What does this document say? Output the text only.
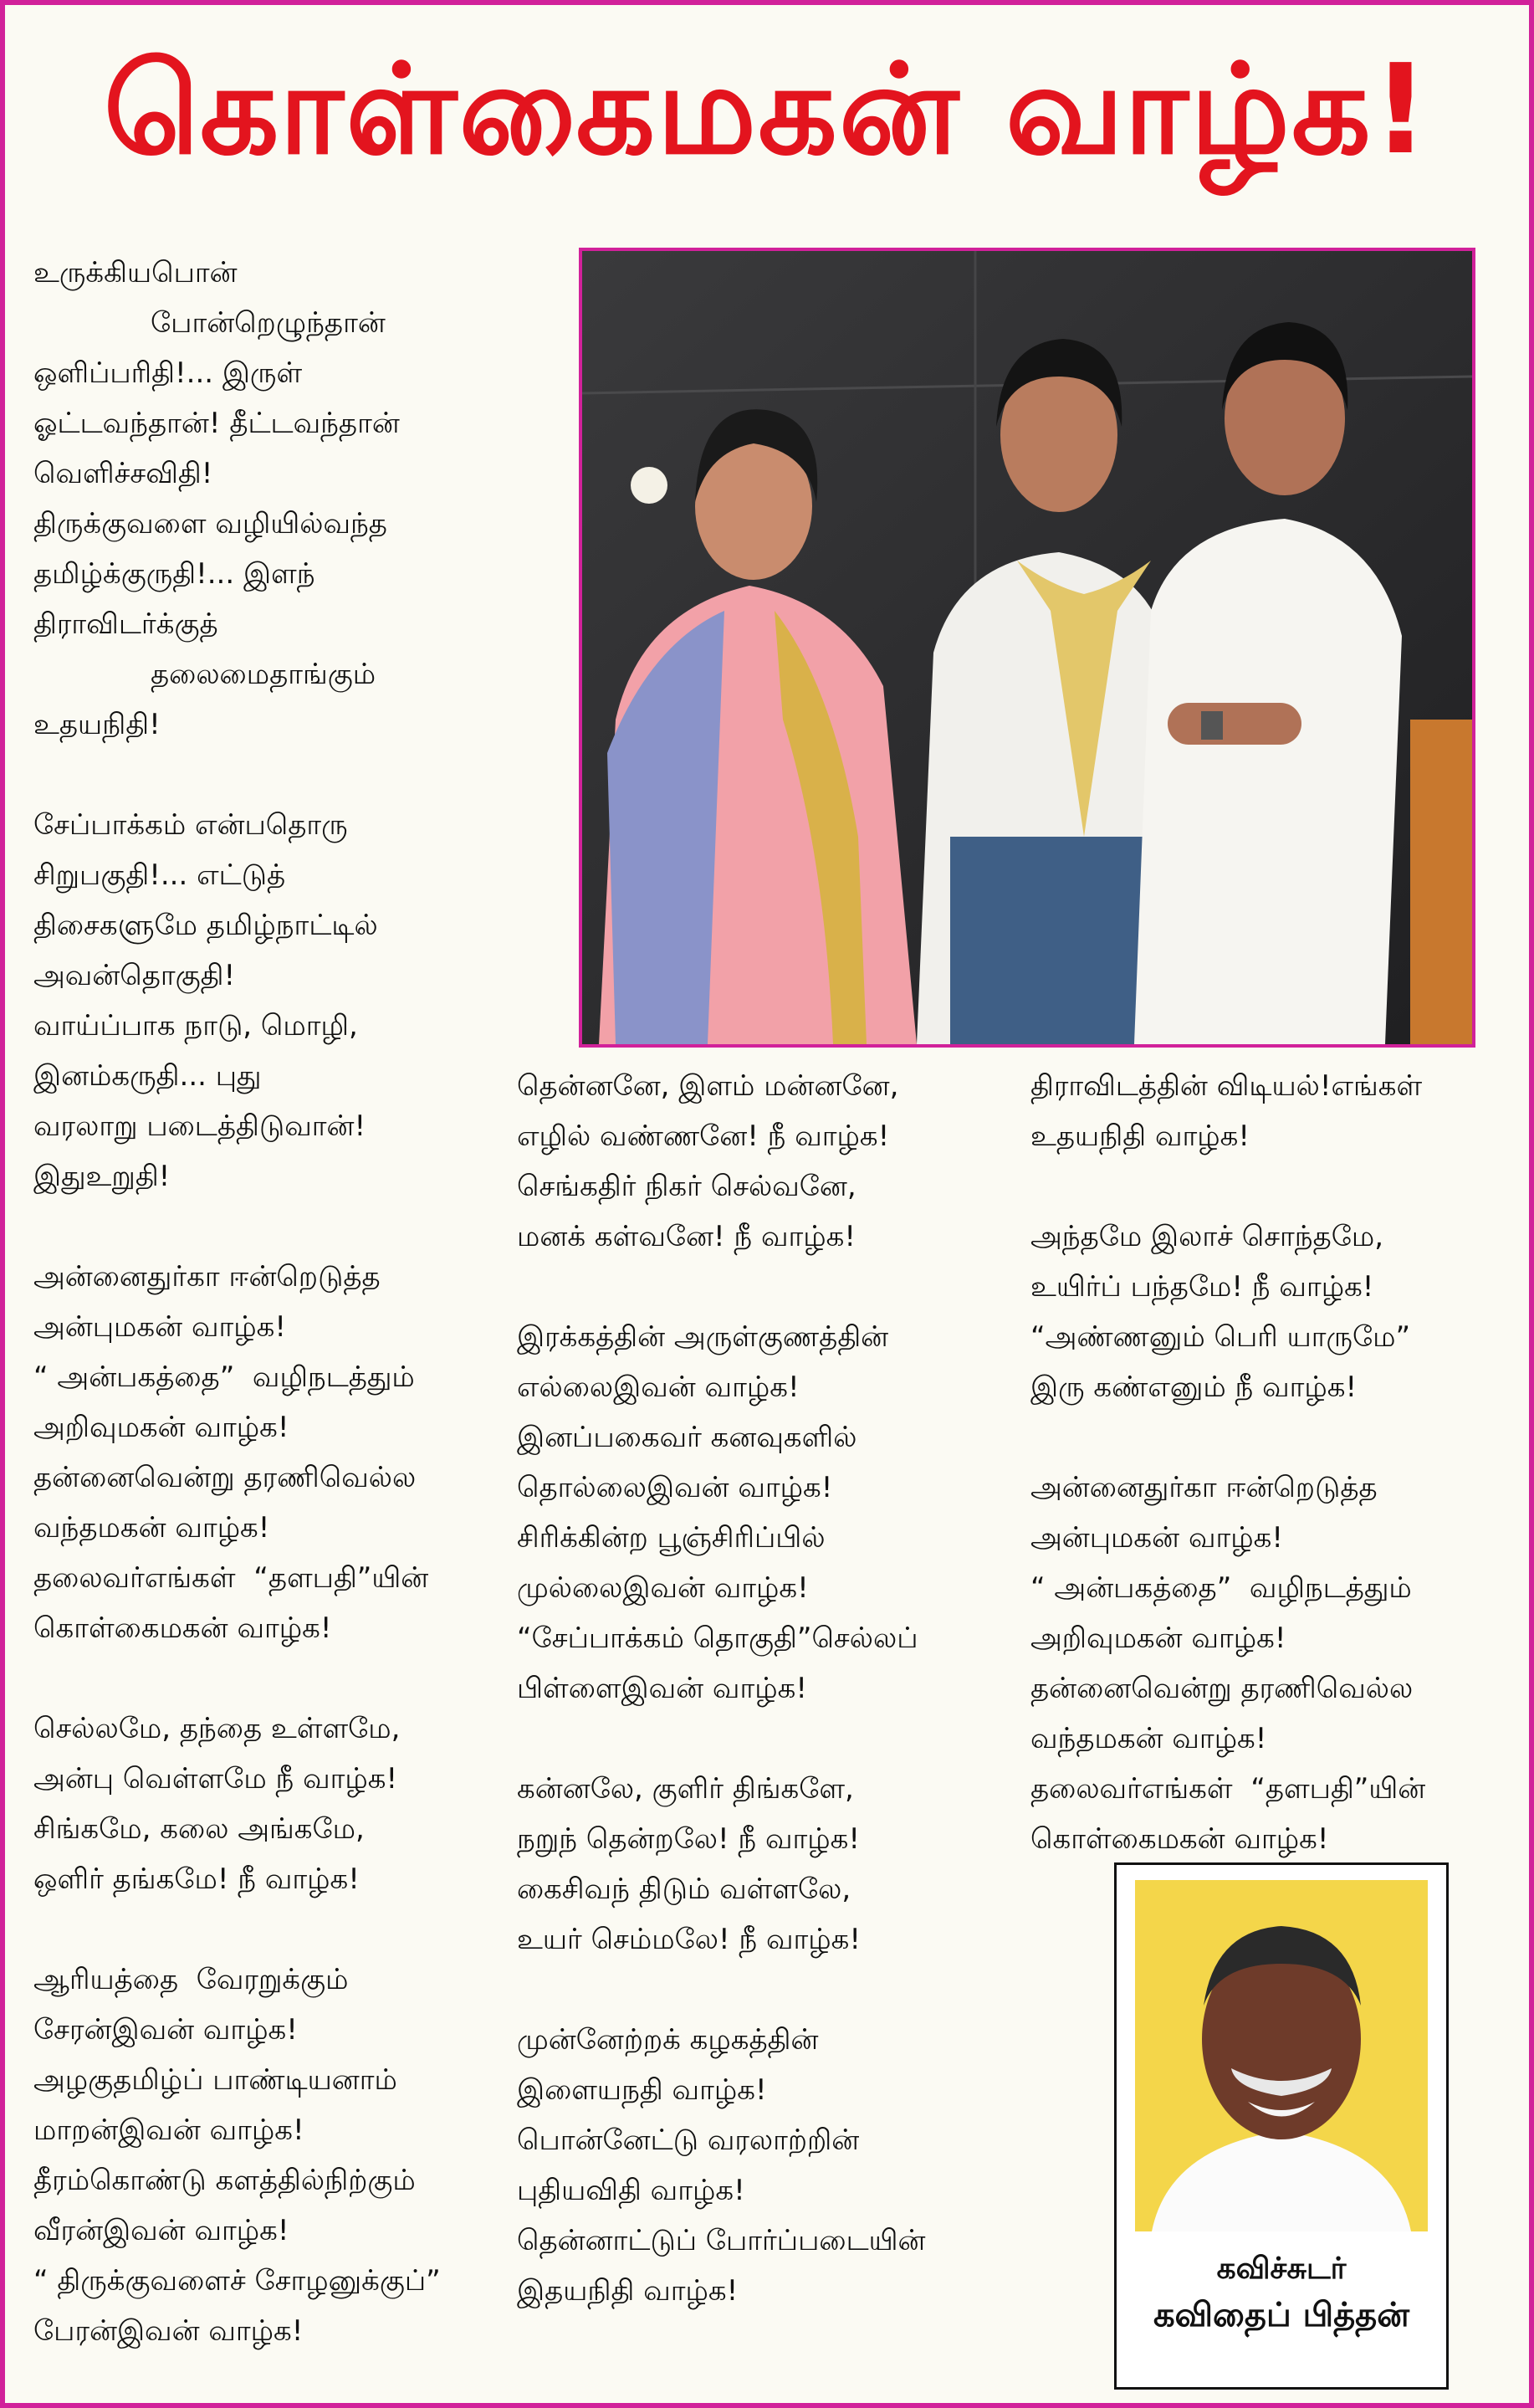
கொள்கைமகன் வாழ்க!
உருக்கியபொன்
போன்றெழுந்தான்
ஒளிப்பரிதி!... இருள்
ஓட்டவந்தான்! தீட்டவந்தான்
வெளிச்சவிதி!
திருக்குவளை வழியில்வந்த
தமிழ்க்குருதி!... இளந்
திராவிடர்க்குத்
தலைமைதாங்கும்
உதயநிதி!
சேப்பாக்கம் என்பதொரு
சிறுபகுதி!... எட்டுத்
திசைகளுமே தமிழ்நாட்டில்
அவன்தொகுதி!
வாய்ப்பாக நாடு, மொழி,
இனம்கருதி... புது
வரலாறு படைத்திடுவான்!
இதுஉறுதி!
அன்னைதுர்கா ஈன்றெடுத்த
அன்புமகன் வாழ்க!
“ அன்பகத்தை”  வழிநடத்தும்
அறிவுமகன் வாழ்க!
தன்னைவென்று தரணிவெல்ல
வந்தமகன் வாழ்க!
தலைவர்எங்கள்  “தளபதி”யின்
கொள்கைமகன் வாழ்க!
செல்லமே, தந்தை உள்ளமே,
அன்பு வெள்ளமே நீ வாழ்க!
சிங்கமே, கலை அங்கமே,
ஒளிர் தங்கமே! நீ வாழ்க!
ஆரியத்தை  வேரறுக்கும்
சேரன்இவன் வாழ்க!
அழகுதமிழ்ப் பாண்டியனாம்
மாறன்இவன் வாழ்க!
தீரம்கொண்டு களத்தில்நிற்கும்
வீரன்இவன் வாழ்க!
“ திருக்குவளைச் சோழனுக்குப்”
பேரன்இவன் வாழ்க!
தென்னனே, இளம் மன்னனே,
எழில் வண்ணனே! நீ வாழ்க!
செங்கதிர் நிகர் செல்வனே,
மனக் கள்வனே! நீ வாழ்க!
இரக்கத்தின் அருள்குணத்தின்
எல்லைஇவன் வாழ்க!
இனப்பகைவர் கனவுகளில்
தொல்லைஇவன் வாழ்க!
சிரிக்கின்ற பூஞ்சிரிப்பில்
முல்லைஇவன் வாழ்க!
“சேப்பாக்கம் தொகுதி”செல்லப்
பிள்ளைஇவன் வாழ்க!
கன்னலே, குளிர் திங்களே,
நறுந் தென்றலே! நீ வாழ்க!
கைசிவந் திடும் வள்ளலே,
உயர் செம்மலே! நீ வாழ்க!
முன்னேற்றக் கழகத்தின்
இளையநதி வாழ்க!
பொன்னேட்டு வரலாற்றின்
புதியவிதி வாழ்க!
தென்னாட்டுப் போர்ப்படையின்
இதயநிதி வாழ்க!
திராவிடத்தின் விடியல்!எங்கள்
உதயநிதி வாழ்க!
அந்தமே இலாச் சொந்தமே,
உயிர்ப் பந்தமே! நீ வாழ்க!
“அண்ணனும் பெரி யாருமே”
இரு கண்எனும் நீ வாழ்க!
அன்னைதுர்கா ஈன்றெடுத்த
அன்புமகன் வாழ்க!
“ அன்பகத்தை”  வழிநடத்தும்
அறிவுமகன் வாழ்க!
தன்னைவென்று தரணிவெல்ல
வந்தமகன் வாழ்க!
தலைவர்எங்கள்  “தளபதி”யின்
கொள்கைமகன் வாழ்க!
கவிச்சுடர்
கவிதைப் பித்தன்
